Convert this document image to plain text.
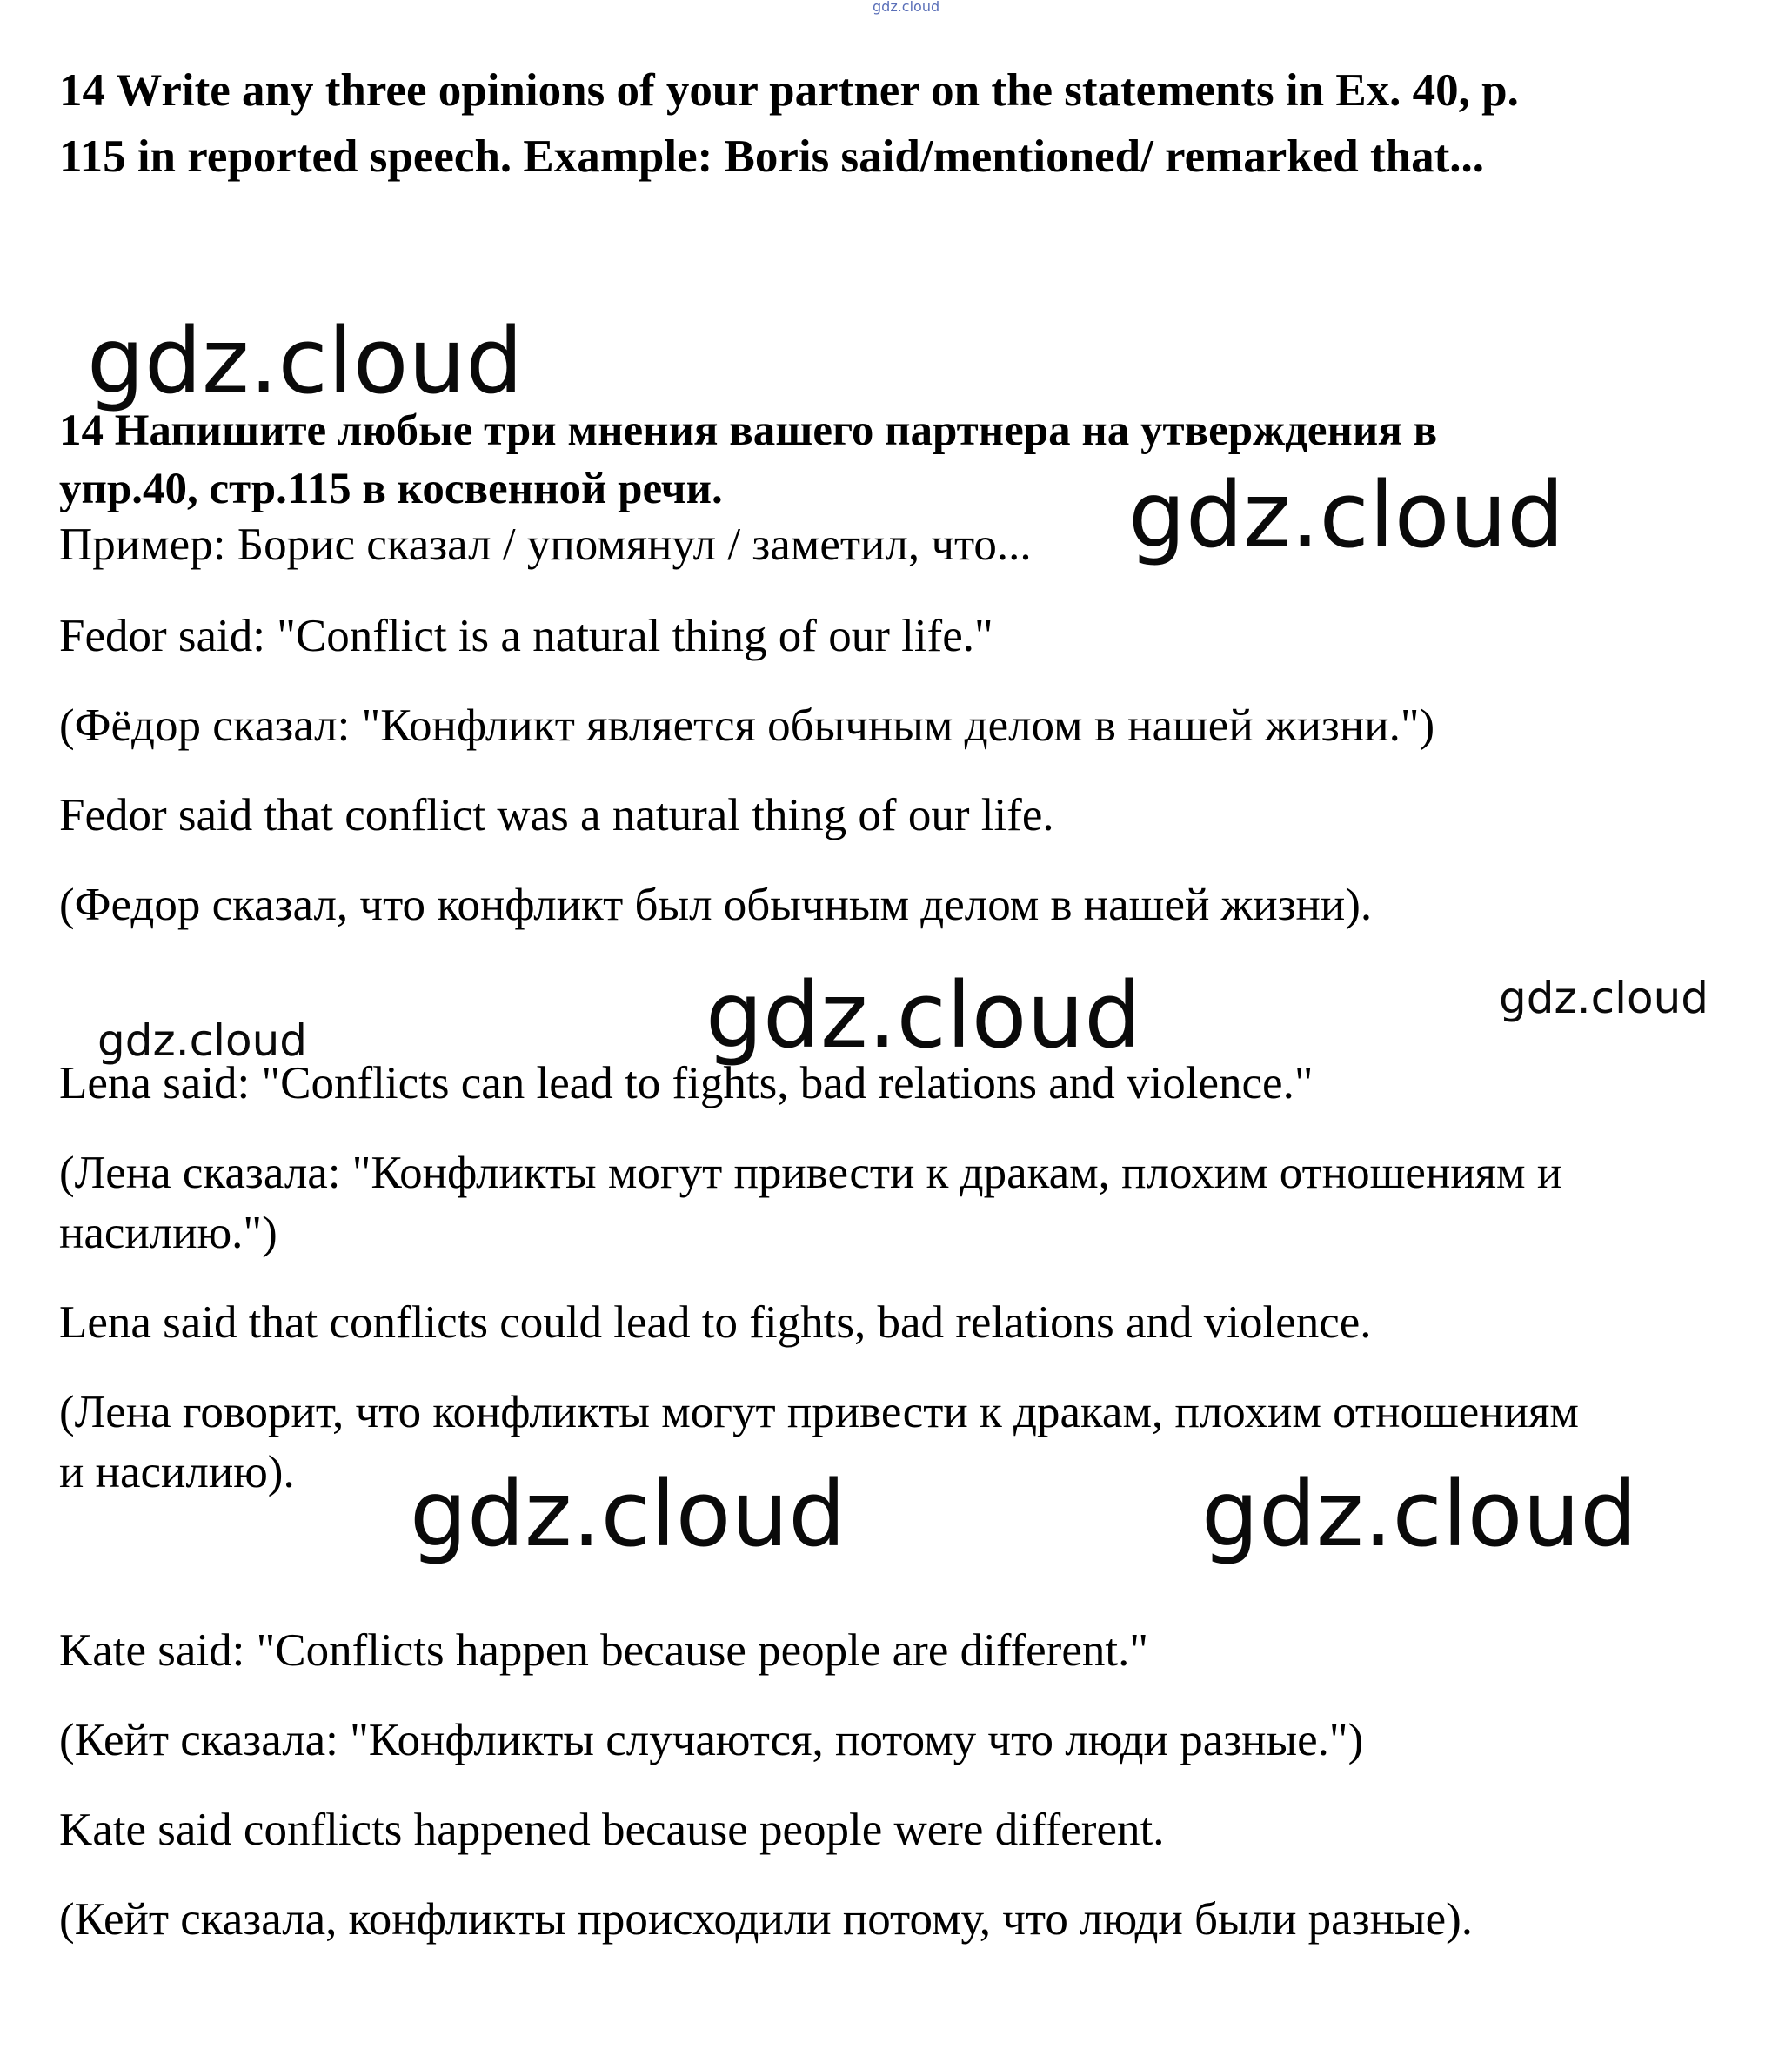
gdz.cloud
gdz.cloud
gdz.cloud
gdz.cloud	gdz.cloud
gdz.cloud
gdz.cloud	gdz.cloud
14 Write any three opinions of your partner on the statements in Ex. 40, p.
115 in reported speech. Example: Boris said/mentioned/ remarked that...
14 Напишите любые три мнения вашего партнера на утверждения в
упр.40, стр.115 в косвенной речи.
Пример: Борис сказал / упомянул / заметил, что...
Fedor said: "Conflict is a natural thing of our life."
(Фёдор сказал: "Конфликт является обычным делом в нашей жизни.")
Fedor said that conflict was a natural thing of our life.
(Федор сказал, что конфликт был обычным делом в нашей жизни).
Lena said: "Conflicts can lead to fights, bad relations and violence."
(Лена сказала: "Конфликты могут привести к дракам, плохим отношениям и
насилию.")
Lena said that conflicts could lead to fights, bad relations and violence.
(Лена говорит, что конфликты могут привести к дракам, плохим отношениям
и насилию).
Kate said: "Conflicts happen because people are different."
(Кейт сказала: "Конфликты случаются, потому что люди разные.")
Kate said conflicts happened because people were different.
(Кейт сказала, конфликты происходили потому, что люди были разные).
